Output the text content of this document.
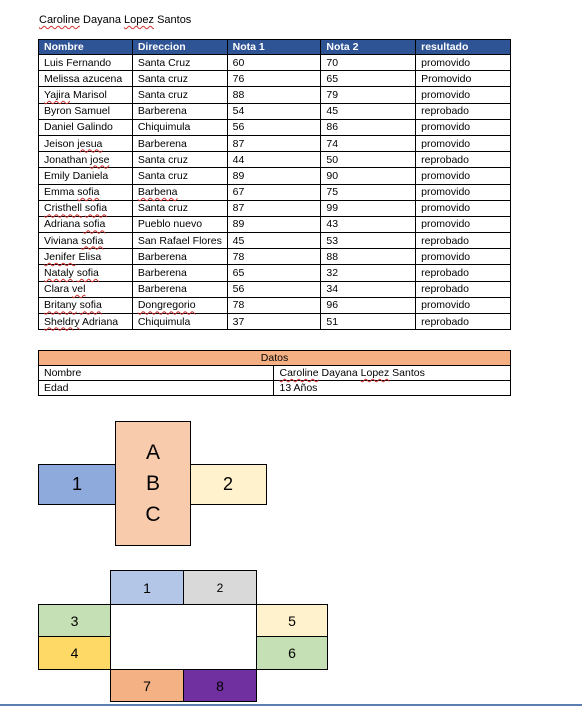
Caroline Dayana Lopez Santos
Nombre	Direccion	Nota 1	Nota 2	resultado
Luis Fernando	Santa Cruz	60	70	promovido
Melissa azucena	Santa cruz	76	65	Promovido
Yajira Marisol	Santa cruz	88	79	promovido
Byron Samuel	Barberena	54	45	reprobado
Daniel Galindo	Chiquimula	56	86	promovido
Jeison jesua	Barberena	87	74	promovido
Jonathan jose	Santa cruz	44	50	reprobado
Emily Daniela	Santa cruz	89	90	promovido
Emma sofia	Barbena	67	75	promovido
Cristhell sofia	Santa cruz	87	99	promovido
Adriana sofia	Pueblo nuevo	89	43	promovido
Viviana sofia	San Rafael Flores	45	53	reprobado
Jenifer Elisa	Barberena	78	88	promovido
Nataly sofia	Barberena	65	32	reprobado
Clara vel	Barberena	56	34	reprobado
Britany sofia	Dongregorio	78	96	promovido
Sheldry Adriana	Chiquimula	37	51	reprobado
Datos	
Nombre	Caroline Dayana Lopez Santos
Edad	13 Años
1	2
A
B
C
1	2
3
4
5
6
7	8
